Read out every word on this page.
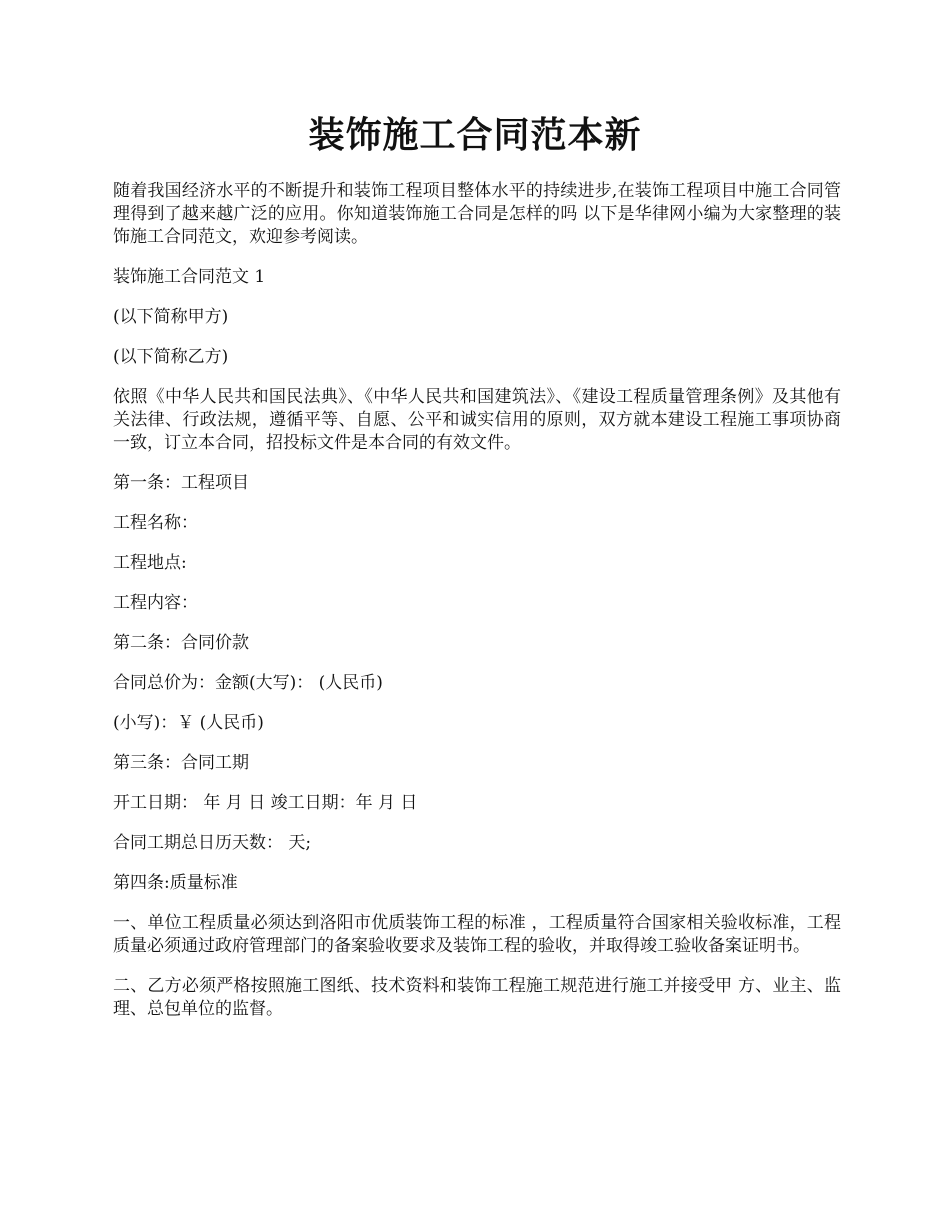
装饰施工合同范本新

随着我国经济水平的不断提升和装饰工程项目整体水平的持续进步,在装饰工程项目中施工合同管理得到了越来越广泛的应用。你知道装饰施工合同是怎样的吗 以下是华律网小编为大家整理的装饰施工合同范文，欢迎参考阅读。

装饰施工合同范文 1

(以下简称甲方)

(以下简称乙方)

依照《中华人民共和国民法典》、《中华人民共和国建筑法》、《建设工程质量管理条例》及其他有关法律、行政法规，遵循平等、自愿、公平和诚实信用的原则，双方就本建设工程施工事项协商一致，订立本合同，招投标文件是本合同的有效文件。

第一条：工程项目

工程名称：

工程地点:

工程内容：

第二条：合同价款

合同总价为：金额(大写)： (人民币)

(小写)：￥ (人民币)

第三条：合同工期

开工日期： 年 月 日 竣工日期：年 月 日

合同工期总日历天数： 天;

第四条:质量标准

一、单位工程质量必须达到洛阳市优质装饰工程的标准 ，工程质量符合国家相关验收标准，工程质量必须通过政府管理部门的备案验收要求及装饰工程的验收，并取得竣工验收备案证明书。

二、乙方必须严格按照施工图纸、技术资料和装饰工程施工规范进行施工并接受甲 方、业主、监理、总包单位的监督。
